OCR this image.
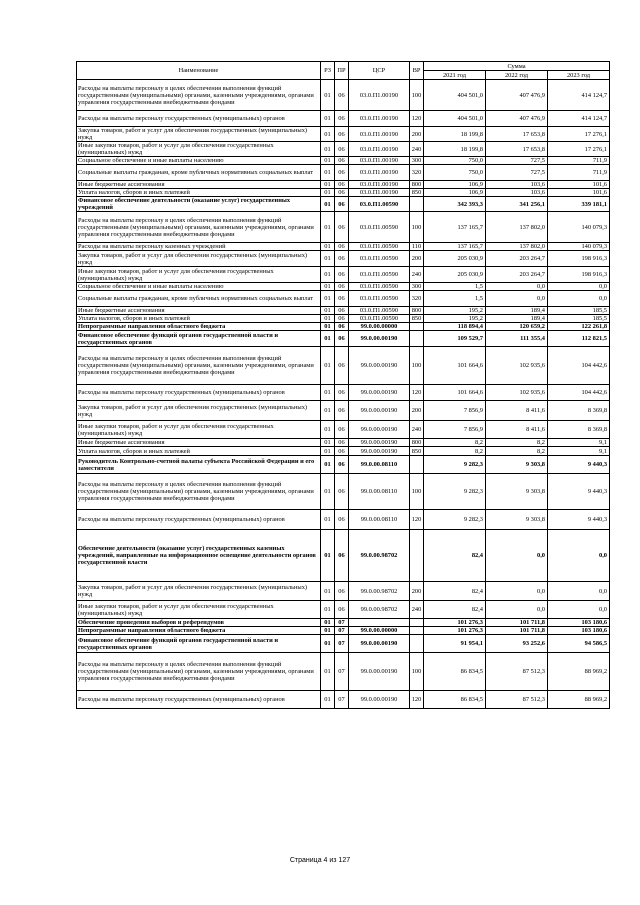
Наименование	РЗ	ПР	ЦСР	ВР	Сумма		
					2021 год	2022 год	2023 год
Расходы на выплаты персоналу в целях обеспечения выполнения функций государственными (муниципальными) органами, казенными учреждениями, органами управления государственными внебюджетными фондами	01	06	03.0.П1.00190	100	404 501,0	407 476,9	414 124,7
Расходы на выплаты персоналу государственных (муниципальных) органов	01	06	03.0.П1.00190	120	404 501,0	407 476,9	414 124,7
Закупка товаров, работ и услуг для обеспечения государственных (муниципальных) нужд	01	06	03.0.П1.00190	200	18 199,8	17 653,8	17 276,1
Иные закупки товаров, работ и услуг для обеспечения государственных (муниципальных) нужд	01	06	03.0.П1.00190	240	18 199,8	17 653,8	17 276,1
Социальное обеспечение и иные выплаты населению	01	06	03.0.П1.00190	300	750,0	727,5	711,9
Социальные выплаты гражданам, кроме публичных нормативных социальных выплат	01	06	03.0.П1.00190	320	750,0	727,5	711,9
Иные бюджетные ассигнования	01	06	03.0.П1.00190	800	106,9	103,6	101,6
Уплата налогов, сборов и иных платежей	01	06	03.0.П1.00190	850	106,9	103,6	101,6
Финансовое обеспечение деятельности (оказание услуг) государственных учреждений	01	06	03.0.П1.00590		342 393,3	341 256,1	339 181,1
Расходы на выплаты персоналу в целях обеспечения выполнения функций государственными (муниципальными) органами, казенными учреждениями, органами управления государственными внебюджетными фондами	01	06	03.0.П1.00590	100	137 165,7	137 802,0	140 079,3
Расходы на выплаты персоналу казенных учреждений	01	06	03.0.П1.00590	110	137 165,7	137 802,0	140 079,3
Закупка товаров, работ и услуг для обеспечения государственных (муниципальных) нужд	01	06	03.0.П1.00590	200	205 030,9	203 264,7	198 916,3
Иные закупки товаров, работ и услуг для обеспечения государственных (муниципальных) нужд	01	06	03.0.П1.00590	240	205 030,9	203 264,7	198 916,3
Социальное обеспечение и иные выплаты населению	01	06	03.0.П1.00590	300	1,5	0,0	0,0
Социальные выплаты гражданам, кроме публичных нормативных социальных выплат	01	06	03.0.П1.00590	320	1,5	0,0	0,0
Иные бюджетные ассигнования	01	06	03.0.П1.00590	800	195,2	189,4	185,5
Уплата налогов, сборов и иных платежей	01	06	03.0.П1.00590	850	195,2	189,4	185,5
Непрограммные направления областного бюджета	01	06	99.0.00.00000		118 894,4	120 659,2	122 261,8
Финансовое обеспечение функций органов государственной власти и государственных органов	01	06	99.0.00.00190		109 529,7	111 355,4	112 821,5
Расходы на выплаты персоналу в целях обеспечения выполнения функций государственными (муниципальными) органами, казенными учреждениями, органами управления государственными внебюджетными фондами	01	06	99.0.00.00190	100	101 664,6	102 935,6	104 442,6
Расходы на выплаты персоналу государственных (муниципальных) органов	01	06	99.0.00.00190	120	101 664,6	102 935,6	104 442,6
Закупка товаров, работ и услуг для обеспечения государственных (муниципальных) нужд	01	06	99.0.00.00190	200	7 856,9	8 411,6	8 369,8
Иные закупки товаров, работ и услуг для обеспечения государственных (муниципальных) нужд	01	06	99.0.00.00190	240	7 856,9	8 411,6	8 369,8
Иные бюджетные ассигнования	01	06	99.0.00.00190	800	8,2	8,2	9,1
Уплата налогов, сборов и иных платежей	01	06	99.0.00.00190	850	8,2	8,2	9,1
Руководитель Контрольно-счетной палаты субъекта Российской Федерации и его заместители	01	06	99.0.00.08110		9 282,3	9 303,8	9 440,3
Расходы на выплаты персоналу в целях обеспечения выполнения функций государственными (муниципальными) органами, казенными учреждениями, органами управления государственными внебюджетными фондами	01	06	99.0.00.08110	100	9 282,3	9 303,8	9 440,3
Расходы на выплаты персоналу государственных (муниципальных) органов	01	06	99.0.00.08110	120	9 282,3	9 303,8	9 440,3
Обеспечение деятельности (оказание услуг) государственных казенных учреждений, направленные на информационное освещение деятельности органов государственной власти	01	06	99.0.00.98702		82,4	0,0	0,0
Закупка товаров, работ и услуг для обеспечения государственных (муниципальных) нужд	01	06	99.0.00.98702	200	82,4	0,0	0,0
Иные закупки товаров, работ и услуг для обеспечения государственных (муниципальных) нужд	01	06	99.0.00.98702	240	82,4	0,0	0,0
Обеспечение проведения выборов и референдумов	01	07			101 276,3	101 711,8	103 180,6
Непрограммные направления областного бюджета	01	07	99.0.00.00000		101 276,3	101 711,8	103 180,6
Финансовое обеспечение функций органов государственной власти и государственных органов	01	07	99.0.00.00190		91 954,1	93 252,6	94 586,5
Расходы на выплаты персоналу в целях обеспечения выполнения функций государственными (муниципальными) органами, казенными учреждениями, органами управления государственными внебюджетными фондами	01	07	99.0.00.00190	100	86 834,5	87 512,3	88 969,2
Расходы на выплаты персоналу государственных (муниципальных) органов	01	07	99.0.00.00190	120	86 834,5	87 512,3	88 969,2
Страница 4 из 127
